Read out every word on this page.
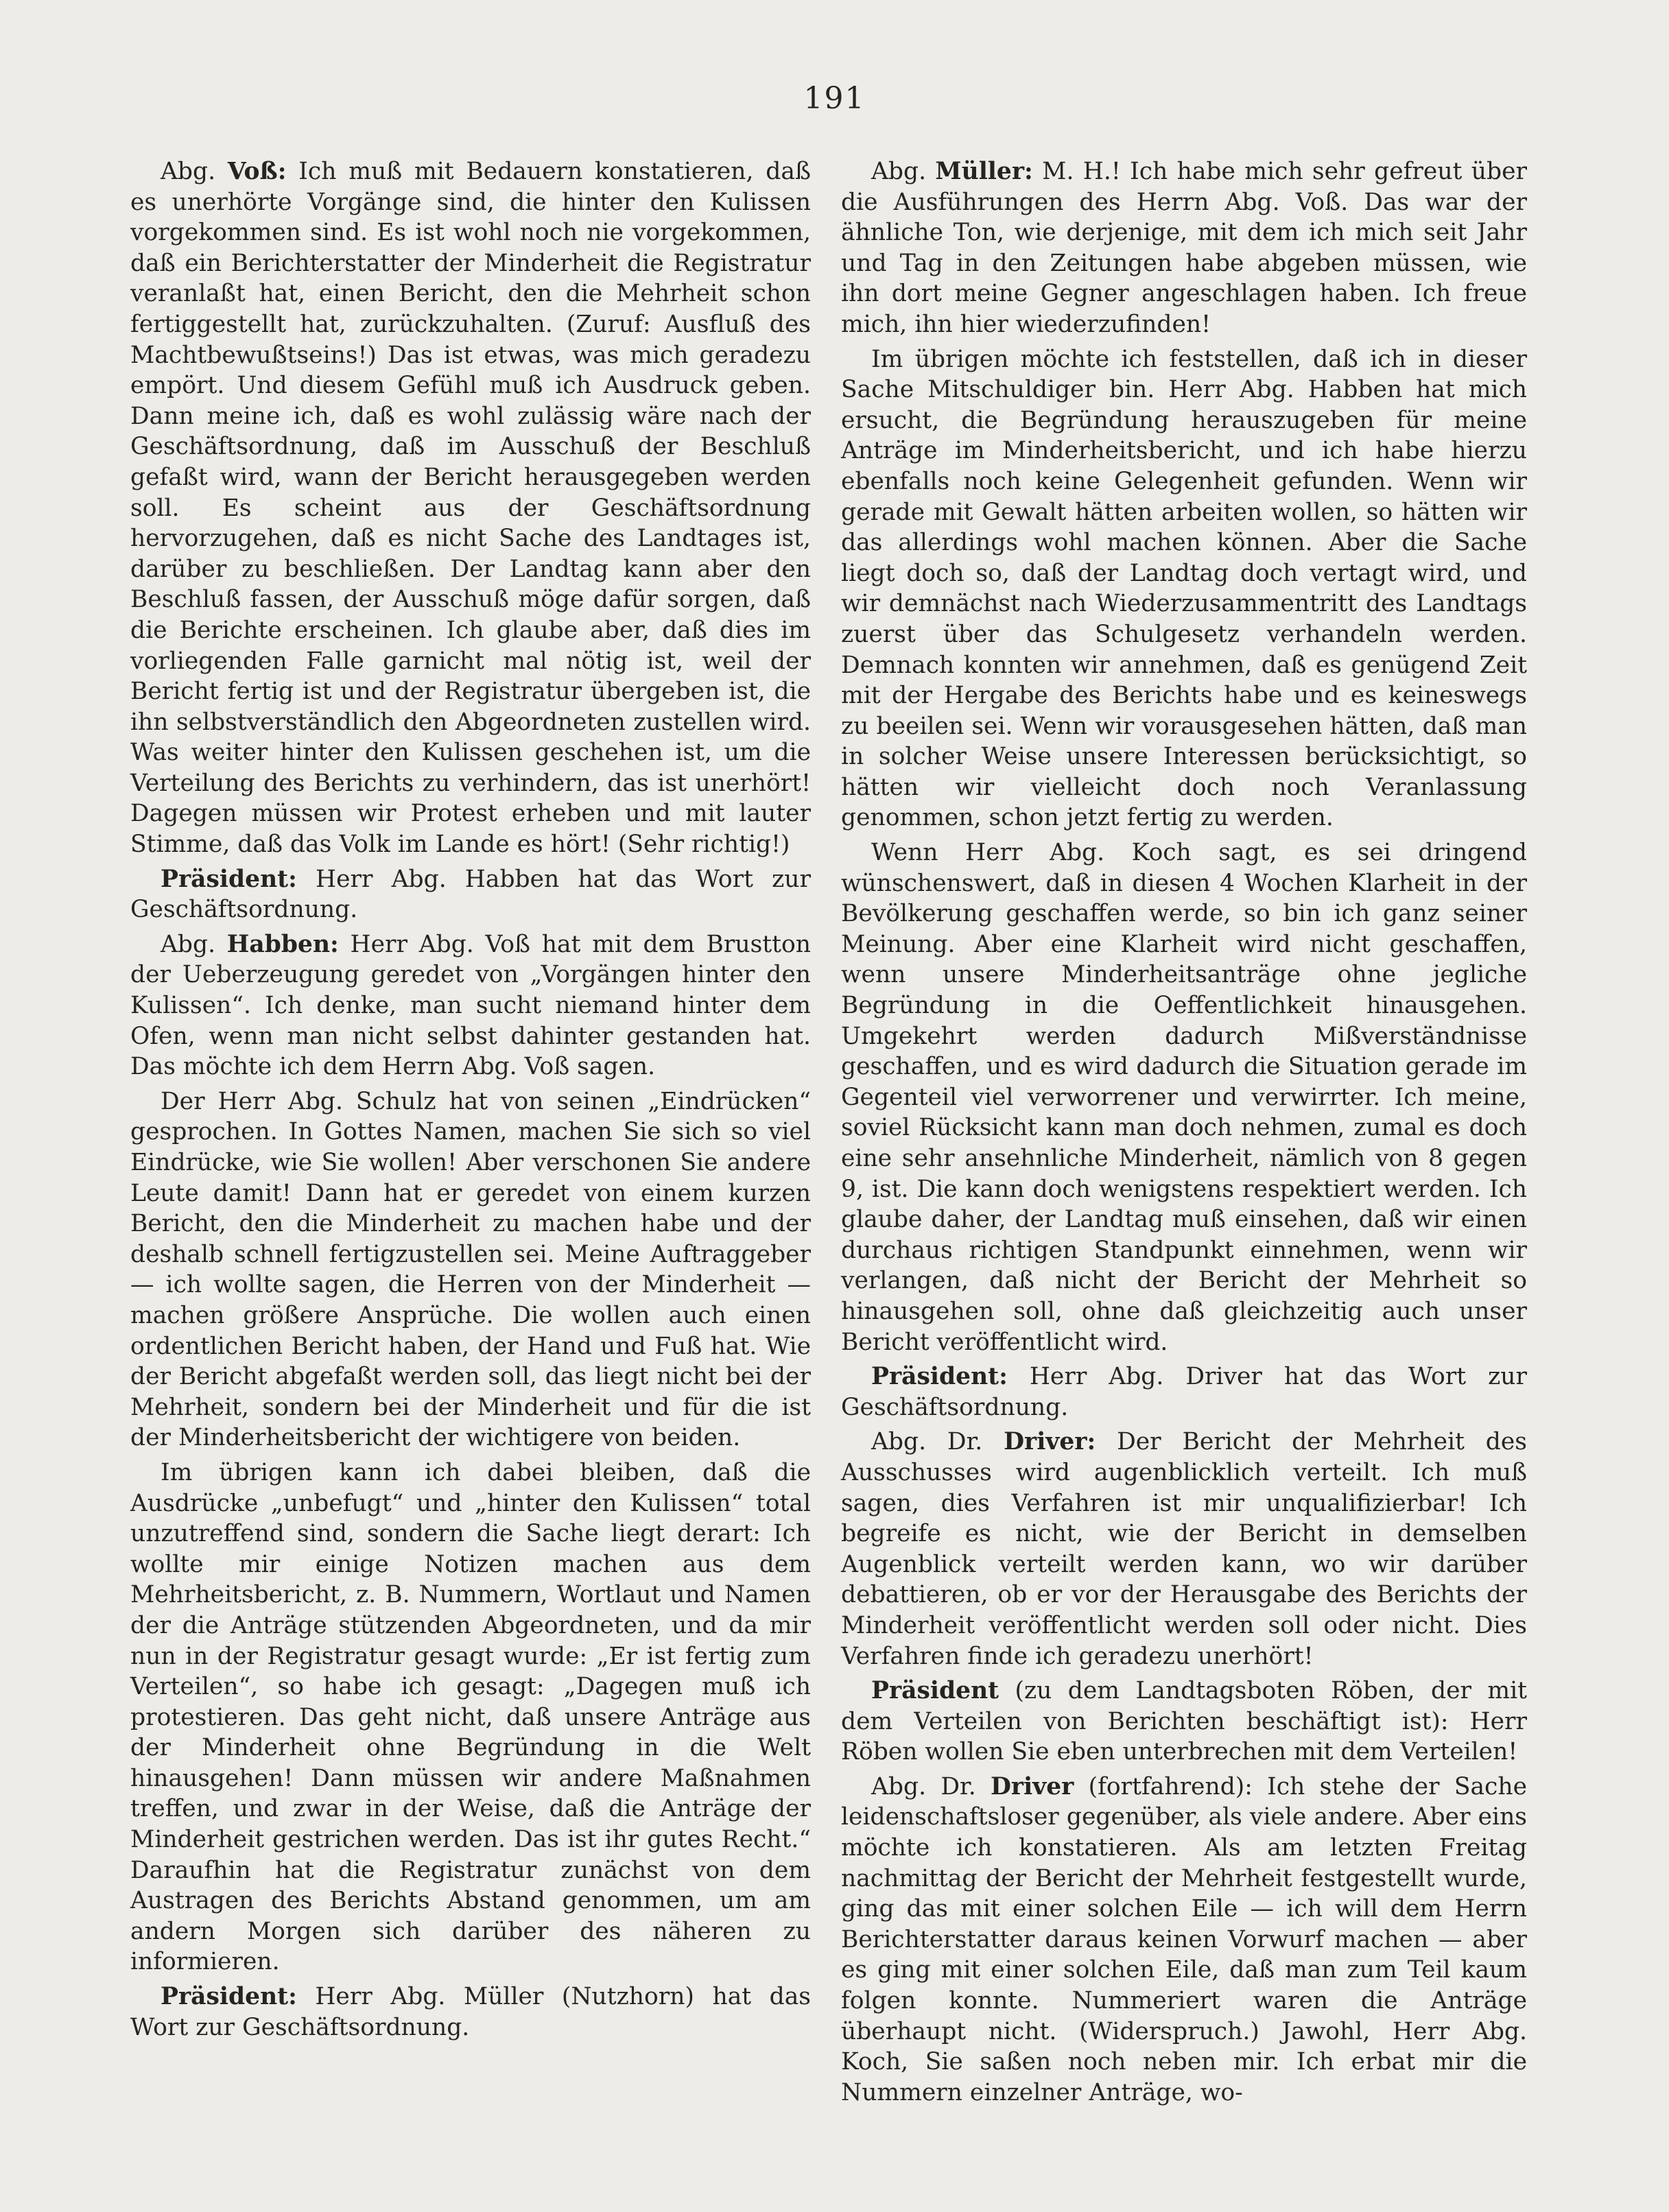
191

Abg. Voß: Ich muß mit Bedauern konstatieren, daß es unerhörte Vorgänge sind, die hinter den Kulissen vorgekommen sind. Es ist wohl noch nie vorgekommen, daß ein Berichterstatter der Minderheit die Registratur veranlaßt hat, einen Bericht, den die Mehrheit schon fertiggestellt hat, zurückzuhalten. (Zuruf: Ausfluß des Machtbewußtseins!) Das ist etwas, was mich geradezu empört. Und diesem Gefühl muß ich Ausdruck geben. Dann meine ich, daß es wohl zulässig wäre nach der Geschäftsordnung, daß im Ausschuß der Beschluß gefaßt wird, wann der Bericht herausgegeben werden soll. Es scheint aus der Geschäftsordnung hervorzugehen, daß es nicht Sache des Landtages ist, darüber zu beschließen. Der Landtag kann aber den Beschluß fassen, der Ausschuß möge dafür sorgen, daß die Berichte erscheinen. Ich glaube aber, daß dies im vorliegenden Falle garnicht mal nötig ist, weil der Bericht fertig ist und der Registratur übergeben ist, die ihn selbstverständlich den Abgeordneten zustellen wird. Was weiter hinter den Kulissen geschehen ist, um die Verteilung des Berichts zu verhindern, das ist unerhört! Dagegen müssen wir Protest erheben und mit lauter Stimme, daß das Volk im Lande es hört! (Sehr richtig!)

Präsident: Herr Abg. Habben hat das Wort zur Geschäftsordnung.

Abg. Habben: Herr Abg. Voß hat mit dem Brustton der Ueberzeugung geredet von „Vorgängen hinter den Kulissen“. Ich denke, man sucht niemand hinter dem Ofen, wenn man nicht selbst dahinter gestanden hat. Das möchte ich dem Herrn Abg. Voß sagen.

Der Herr Abg. Schulz hat von seinen „Eindrücken“ gesprochen. In Gottes Namen, machen Sie sich so viel Eindrücke, wie Sie wollen! Aber verschonen Sie andere Leute damit! Dann hat er geredet von einem kurzen Bericht, den die Minderheit zu machen habe und der deshalb schnell fertigzustellen sei. Meine Auftraggeber — ich wollte sagen, die Herren von der Minderheit — machen größere Ansprüche. Die wollen auch einen ordentlichen Bericht haben, der Hand und Fuß hat. Wie der Bericht abgefaßt werden soll, das liegt nicht bei der Mehrheit, sondern bei der Minderheit und für die ist der Minderheitsbericht der wichtigere von beiden.

Im übrigen kann ich dabei bleiben, daß die Ausdrücke „unbefugt“ und „hinter den Kulissen“ total unzutreffend sind, sondern die Sache liegt derart: Ich wollte mir einige Notizen machen aus dem Mehrheitsbericht, z. B. Nummern, Wortlaut und Namen der die Anträge stützenden Abgeordneten, und da mir nun in der Registratur gesagt wurde: „Er ist fertig zum Verteilen“, so habe ich gesagt: „Dagegen muß ich protestieren. Das geht nicht, daß unsere Anträge aus der Minderheit ohne Begründung in die Welt hinausgehen! Dann müssen wir andere Maßnahmen treffen, und zwar in der Weise, daß die Anträge der Minderheit gestrichen werden. Das ist ihr gutes Recht.“ Daraufhin hat die Registratur zunächst von dem Austragen des Berichts Abstand genommen, um am andern Morgen sich darüber des näheren zu informieren.

Präsident: Herr Abg. Müller (Nutzhorn) hat das Wort zur Geschäftsordnung.

Abg. Müller: M. H.! Ich habe mich sehr gefreut über die Ausführungen des Herrn Abg. Voß. Das war der ähnliche Ton, wie derjenige, mit dem ich mich seit Jahr und Tag in den Zeitungen habe abgeben müssen, wie ihn dort meine Gegner angeschlagen haben. Ich freue mich, ihn hier wiederzufinden!

Im übrigen möchte ich feststellen, daß ich in dieser Sache Mitschuldiger bin. Herr Abg. Habben hat mich ersucht, die Begründung herauszugeben für meine Anträge im Minderheitsbericht, und ich habe hierzu ebenfalls noch keine Gelegenheit gefunden. Wenn wir gerade mit Gewalt hätten arbeiten wollen, so hätten wir das allerdings wohl machen können. Aber die Sache liegt doch so, daß der Landtag doch vertagt wird, und wir demnächst nach Wiederzusammentritt des Landtags zuerst über das Schulgesetz verhandeln werden. Demnach konnten wir annehmen, daß es genügend Zeit mit der Hergabe des Berichts habe und es keineswegs zu beeilen sei. Wenn wir vorausgesehen hätten, daß man in solcher Weise unsere Interessen berücksichtigt, so hätten wir vielleicht doch noch Veranlassung genommen, schon jetzt fertig zu werden.

Wenn Herr Abg. Koch sagt, es sei dringend wünschenswert, daß in diesen 4 Wochen Klarheit in der Bevölkerung geschaffen werde, so bin ich ganz seiner Meinung. Aber eine Klarheit wird nicht geschaffen, wenn unsere Minderheitsanträge ohne jegliche Begründung in die Oeffentlichkeit hinausgehen. Umgekehrt werden dadurch Mißverständnisse geschaffen, und es wird dadurch die Situation gerade im Gegenteil viel verworrener und verwirrter. Ich meine, soviel Rücksicht kann man doch nehmen, zumal es doch eine sehr ansehnliche Minderheit, nämlich von 8 gegen 9, ist. Die kann doch wenigstens respektiert werden. Ich glaube daher, der Landtag muß einsehen, daß wir einen durchaus richtigen Standpunkt einnehmen, wenn wir verlangen, daß nicht der Bericht der Mehrheit so hinausgehen soll, ohne daß gleichzeitig auch unser Bericht veröffentlicht wird.

Präsident: Herr Abg. Driver hat das Wort zur Geschäftsordnung.

Abg. Dr. Driver: Der Bericht der Mehrheit des Ausschusses wird augenblicklich verteilt. Ich muß sagen, dies Verfahren ist mir unqualifizierbar! Ich begreife es nicht, wie der Bericht in demselben Augenblick verteilt werden kann, wo wir darüber debattieren, ob er vor der Herausgabe des Berichts der Minderheit veröffentlicht werden soll oder nicht. Dies Verfahren finde ich geradezu unerhört!

Präsident (zu dem Landtagsboten Röben, der mit dem Verteilen von Berichten beschäftigt ist): Herr Röben wollen Sie eben unterbrechen mit dem Verteilen!

Abg. Dr. Driver (fortfahrend): Ich stehe der Sache leidenschaftsloser gegenüber, als viele andere. Aber eins möchte ich konstatieren. Als am letzten Freitag nachmittag der Bericht der Mehrheit festgestellt wurde, ging das mit einer solchen Eile — ich will dem Herrn Berichterstatter daraus keinen Vorwurf machen — aber es ging mit einer solchen Eile, daß man zum Teil kaum folgen konnte. Nummeriert waren die Anträge überhaupt nicht. (Widerspruch.) Jawohl, Herr Abg. Koch, Sie saßen noch neben mir. Ich erbat mir die Nummern einzelner Anträge, wo-
